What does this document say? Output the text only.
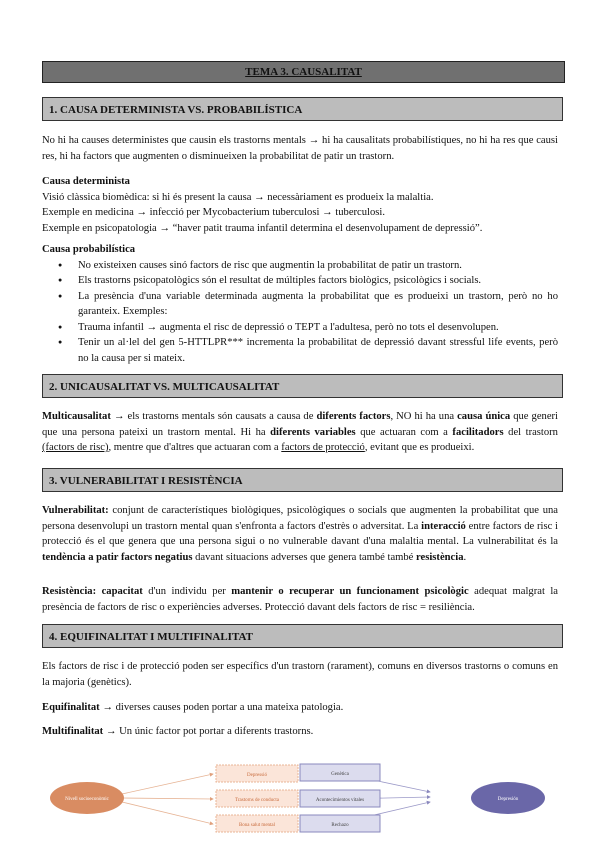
TEMA 3. CAUSALITAT
1. CAUSA DETERMINISTA VS. PROBABILÍSTICA
No hi ha causes deterministes que causin els trastorns mentals → hi ha causalitats probabilístiques, no hi ha res que causi res, hi ha factors que augmenten o disminueixen la probabilitat de patir un trastorn.
Causa determinista
Visió clàssica biomèdica: si hi és present la causa → necessàriament es produeix la malaltia.
Exemple en medicina → infecció per Mycobacterium tuberculosi → tuberculosi.
Exemple en psicopatologia → “haver patit trauma infantil determina el desenvolupament de depressió”.
Causa probabilística
● No existeixen causes sinó factors de risc que augmentin la probabilitat de patir un trastorn.
● Els trastorns psicopatològics són el resultat de múltiples factors biològics, psicològics i socials.
● La presència d'una variable determinada augmenta la probabilitat que es produeixi un trastorn, però no ho garanteix. Exemples:
● Trauma infantil → augmenta el risc de depressió o TEPT a l'adultesa, però no tots el desenvolupen.
● Tenir un al·lel del gen 5-HTTLPR*** incrementa la probabilitat de depressió davant stressful life events, però no la causa per si mateix.
2. UNICAUSALITAT VS. MULTICAUSALITAT
Multicausalitat → els trastorns mentals són causats a causa de diferents factors, NO hi ha una causa única que generi que una persona pateixi un trastorn mental. Hi ha diferents variables que actuaran com a facilitadors del trastorn (factors de risc), mentre que d'altres que actuaran com a factors de protecció, evitant que es produeixi.
3. VULNERABILITAT I RESISTÈNCIA
Vulnerabilitat: conjunt de característiques biològiques, psicològiques o socials que augmenten la probabilitat que una persona desenvolupi un trastorn mental quan s'enfronta a factors d'estrès o adversitat. La interacció entre factors de risc i protecció és el que genera que una persona sigui o no vulnerable davant d'una malaltia mental. La vulnerabilitat és la tendència a patir factors negatius davant situacions adverses que genera també també resistència.
Resistència: capacitat d'un individu per mantenir o recuperar un funcionament psicològic adequat malgrat la presència de factors de risc o experiències adverses. Protecció davant dels factors de risc = resiliència.
4. EQUIFINALITAT I MULTIFINALITAT
Els factors de risc i de protecció poden ser específics d'un trastorn (rarament), comuns en diversos trastorns o comuns en la majoria (genètics).
Equifinalitat → diverses causes poden portar a una mateixa patologia.
Multifinalitat → Un únic factor pot portar a diferents trastorns.
Nivell socioeconòmic
Depressió
Trastorns de conducta
Bona salut mental
Genètica
Acontecimientos vitales
Rechazo
Depresión
